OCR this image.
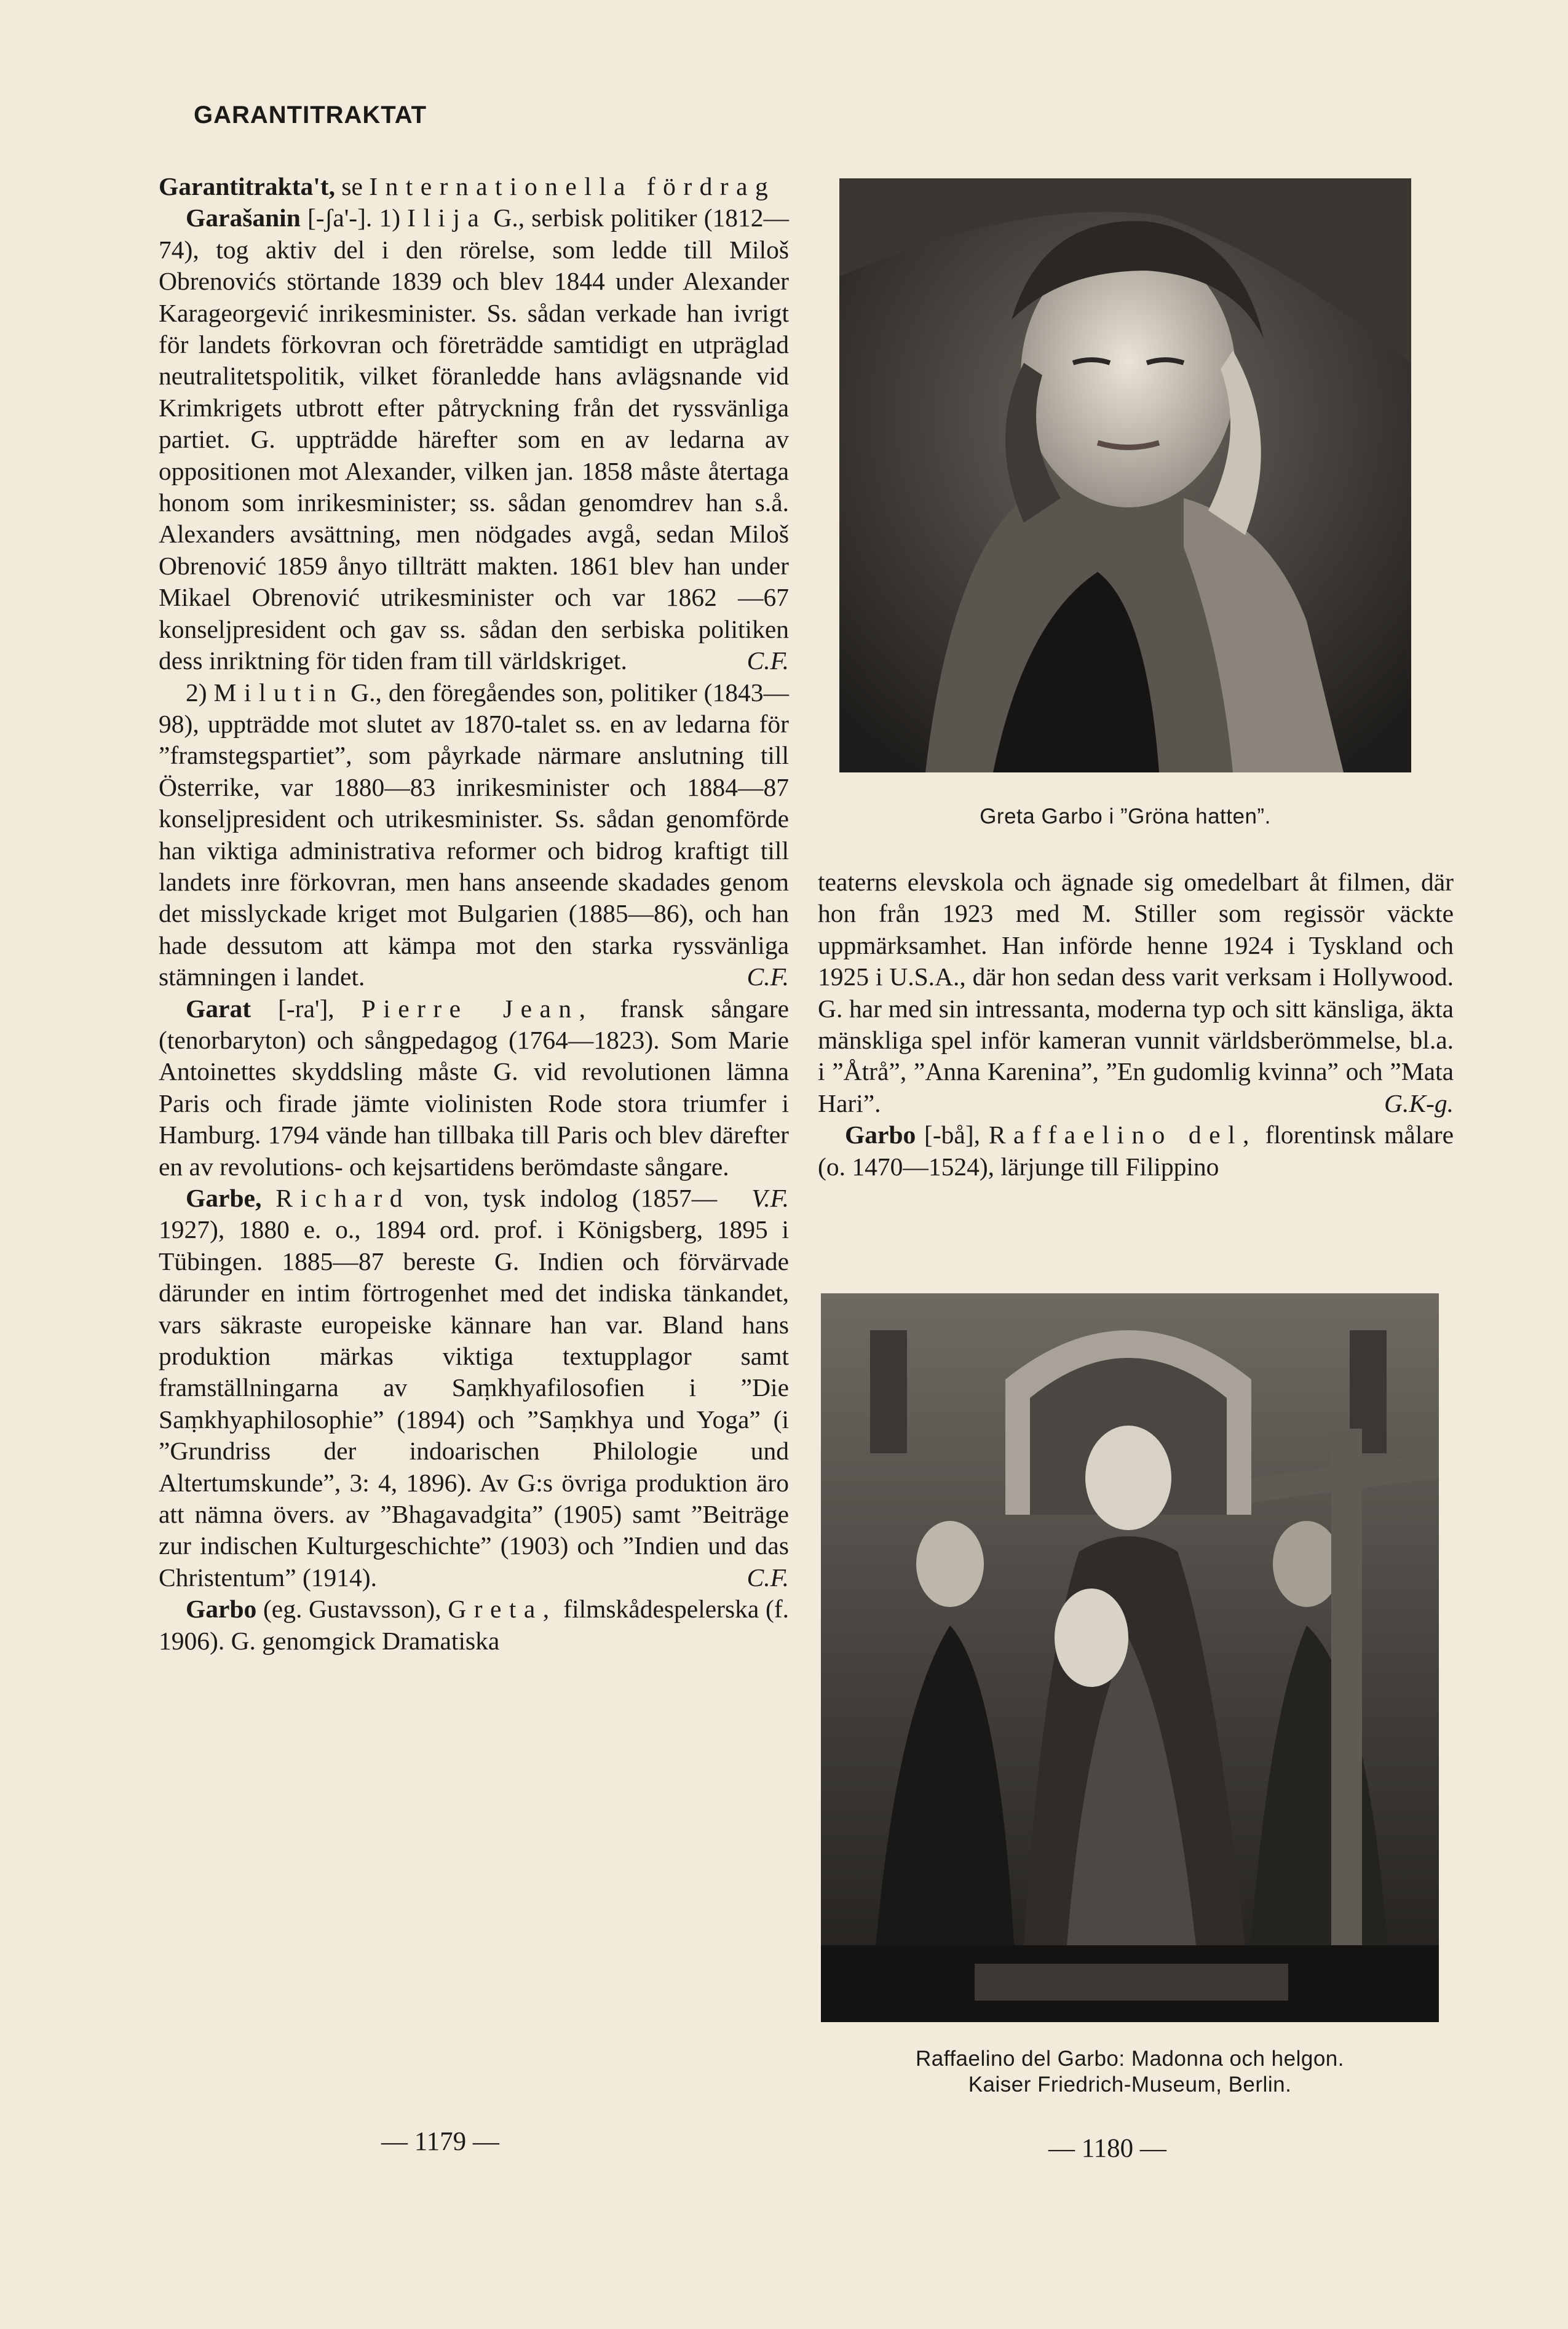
GARANTITRAKTAT

Garantitrakta't, se Internationella fördrag

Garašanin [-ʃa'-]. 1) Ilija G., serbisk politiker (1812—74), tog aktiv del i den rörelse, som ledde till Miloš Obrenovićs störtande 1839 och blev 1844 under Alexander Karageorgević inrikesminister. Ss. sådan verkade han ivrigt för landets förkovran och företrädde samtidigt en utpräglad neutralitetspolitik, vilket föranledde hans avlägsnande vid Krimkrigets utbrott efter påtryckning från det ryssvänliga partiet. G. uppträdde härefter som en av ledarna av oppositionen mot Alexander, vilken jan. 1858 måste återtaga honom som inrikesminister; ss. sådan genomdrev han s.å. Alexanders avsättning, men nödgades avgå, sedan Miloš Obrenović 1859 ånyo tillträtt makten. 1861 blev han under Mikael Obrenović utrikesminister och var 1862 —67 konseljpresident och gav ss. sådan den serbiska politiken dess inriktning för tiden fram till världskriget.	C.F.

2) Milutin G., den föregåendes son, politiker (1843—98), uppträdde mot slutet av 1870-talet ss. en av ledarna för ”framstegspartiet”, som påyrkade närmare anslutning till Österrike, var 1880—83 inrikesminister och 1884—87 konseljpresident och utrikesminister. Ss. sådan genomförde han viktiga administrativa reformer och bidrog kraftigt till landets inre förkovran, men hans anseende skadades genom det misslyckade kriget mot Bulgarien (1885—86), och han hade dessutom att kämpa mot den starka ryssvänliga stämningen i landet.	C.F.

Garat [-ra'], Pierre Jean, fransk sångare (tenorbaryton) och sångpedagog (1764—1823). Som Marie Antoinettes skyddsling måste G. vid revolutionen lämna Paris och firade jämte violinisten Rode stora triumfer i Hamburg. 1794 vände han tillbaka till Paris och blev därefter en av revolutions- och kejsartidens berömdaste sångare.
V.F.

Garbe, Richard von, tysk indolog (1857—1927), 1880 e. o., 1894 ord. prof. i Königsberg, 1895 i Tübingen. 1885—87 bereste G. Indien och förvärvade därunder en intim förtrogenhet med det indiska tänkandet, vars säkraste europeiske kännare han var. Bland hans produktion märkas viktiga textupplagor samt framställningarna av Saṃkhyafilosofien i ”Die Saṃkhyaphilosophie” (1894) och ”Saṃkhya und Yoga” (i ”Grundriss der indoarischen Philologie und Altertumskunde”, 3: 4, 1896). Av G:s övriga produktion äro att nämna övers. av ”Bhagavadgita” (1905) samt ”Beiträge zur indischen Kulturgeschichte” (1903) och ”Indien und das Christentum” (1914).	C.F.

Garbo (eg. Gustavsson), Greta, filmskådespelerska (f. 1906). G. genomgick Dramatiska

Greta Garbo i ”Gröna hatten”.

teaterns elevskola och ägnade sig omedelbart åt filmen, där hon från 1923 med M. Stiller som regissör väckte uppmärksamhet. Han införde henne 1924 i Tyskland och 1925 i U.S.A., där hon sedan dess varit verksam i Hollywood. G. har med sin intressanta, moderna typ och sitt känsliga, äkta mänskliga spel inför kameran vunnit världsberömmelse, bl.a. i ”Åtrå”, ”Anna Karenina”, ”En gudomlig kvinna” och ”Mata Hari”.	G.K-g.

Garbo [-bå], Raffaelino del, florentinsk målare (o. 1470—1524), lärjunge till Filippino

Raffaelino del Garbo: Madonna och helgon.
Kaiser Friedrich-Museum, Berlin.
— 1179 —	— 1180 —
